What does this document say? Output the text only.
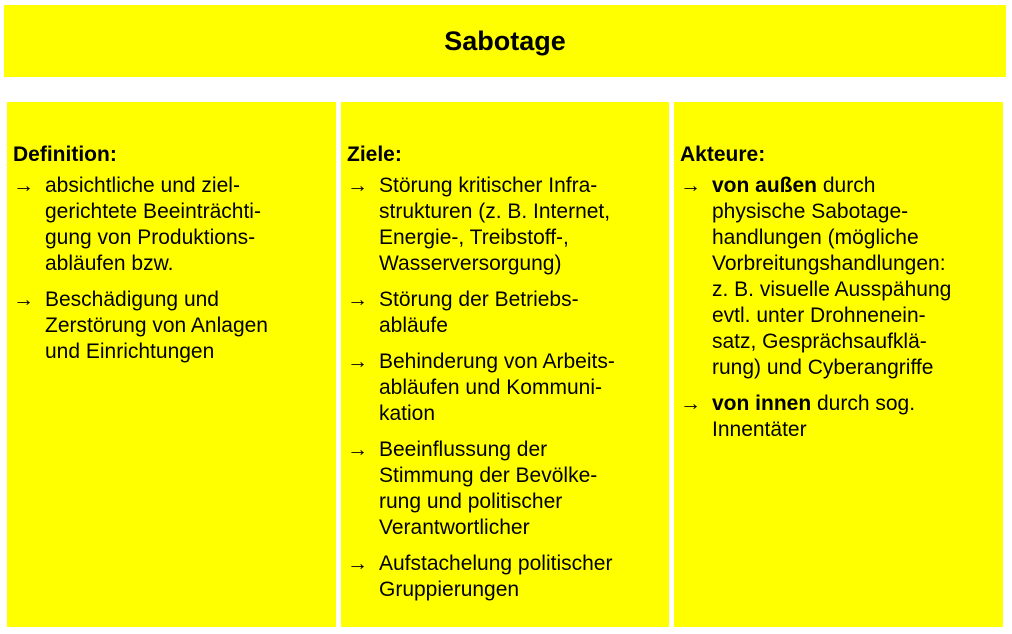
Sabotage
Definition:
→ absichtliche und ziel-
gerichtete Beeinträchti-
gung von Produktions-
abläufen bzw.
→ Beschädigung und
Zerstörung von Anlagen
und Einrichtungen
Ziele:
→ Störung kritischer Infra-
strukturen (z. B. Internet,
Energie-, Treibstoff-,
Wasserversorgung)
→ Störung der Betriebs-
abläufe
→ Behinderung von Arbeits-
abläufen und Kommuni-
kation
→ Beeinflussung der
Stimmung der Bevölke-
rung und politischer
Verantwortlicher
→ Aufstachelung politischer
Gruppierungen
Akteure:
→ von außen durch
physische Sabotage-
handlungen (mögliche
Vorbreitungshandlungen:
z. B. visuelle Ausspähung
evtl. unter Drohnenein-
satz, Gesprächsaufklä-
rung) und Cyberangriffe
→ von innen durch sog.
Innentäter
